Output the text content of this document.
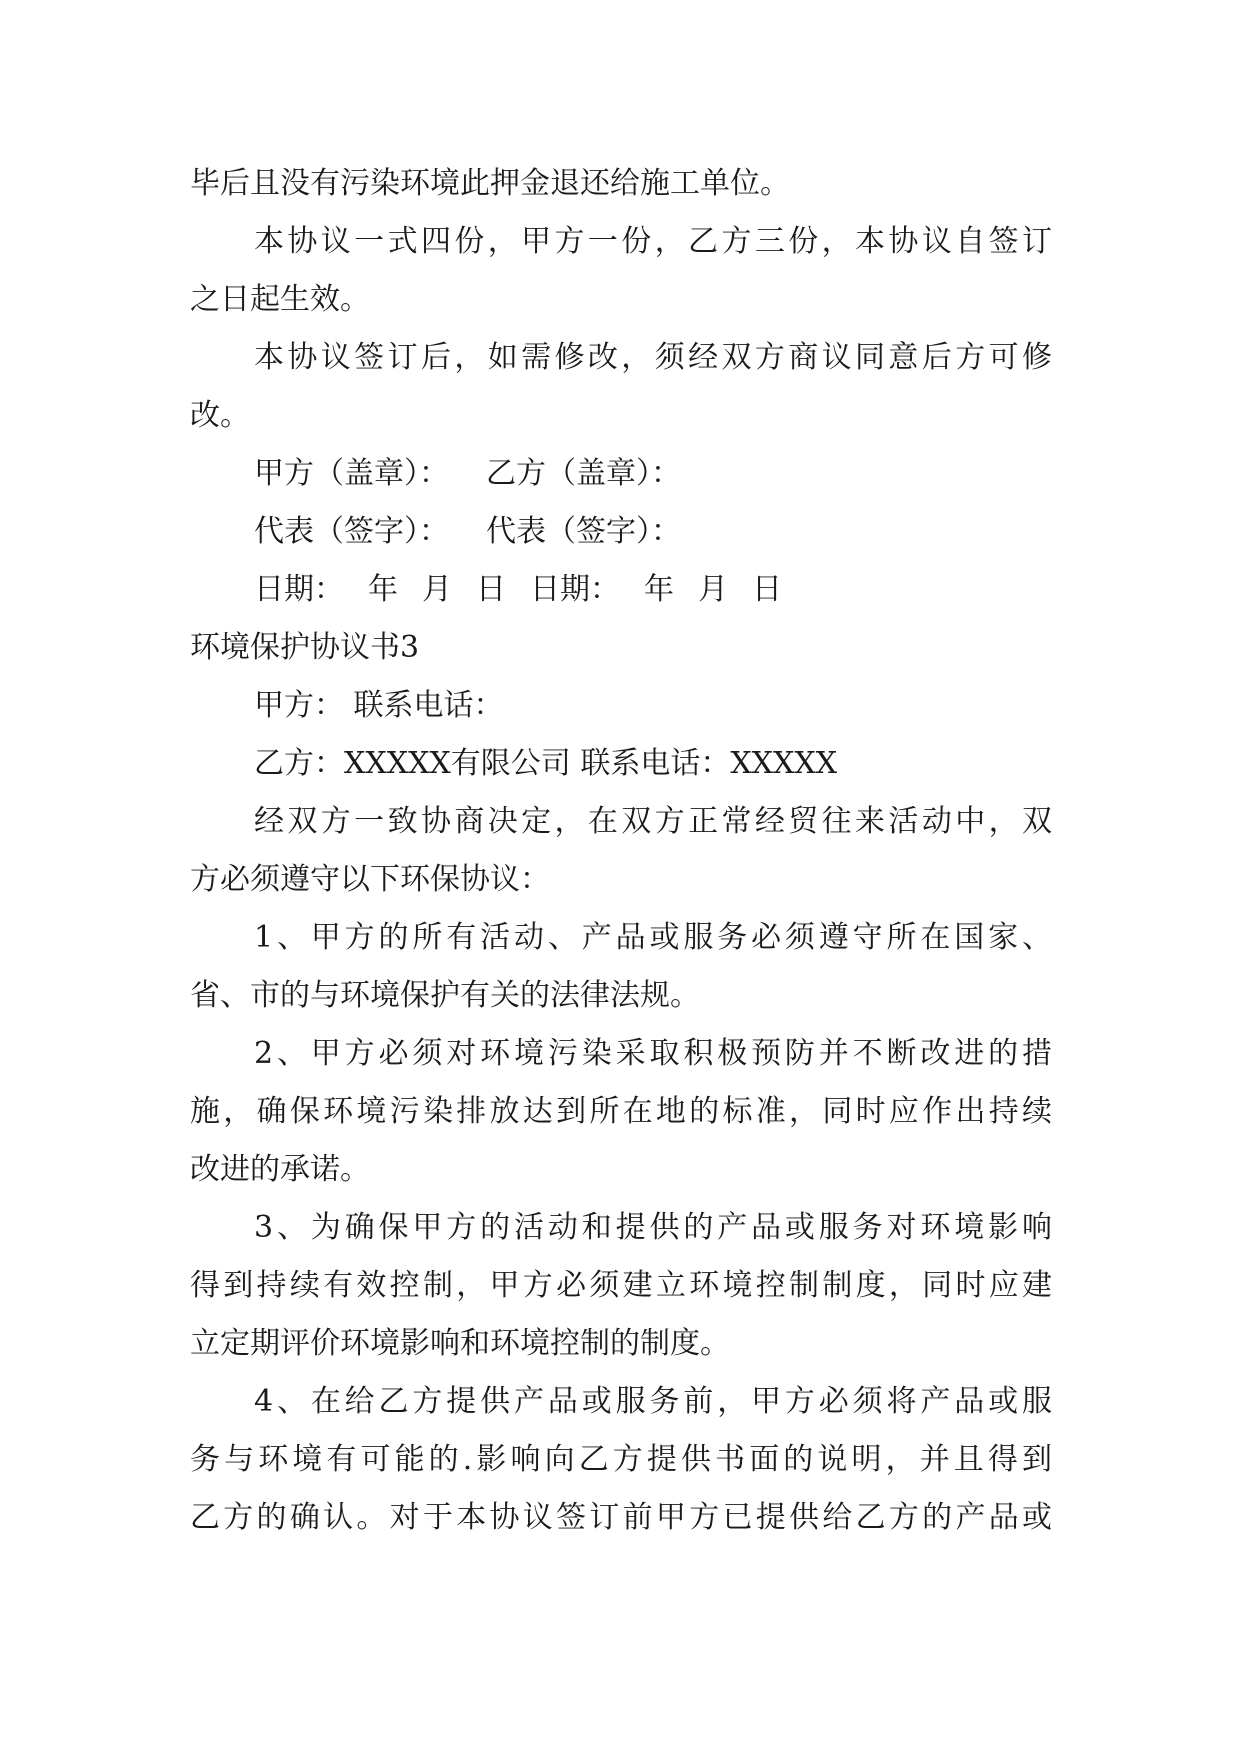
毕后且没有污染环境此押金退还给施工单位。
本协议一式四份，甲方一份，乙方三份，本协议自签订
之日起生效。
本协议签订后，如需修改，须经双方商议同意后方可修
改。
甲方（盖章）： 乙方（盖章）：
代表（签字）： 代表（签字）：
日期： 年 月 日 日期： 年 月 日
环境保护协议书3
甲方： 联系电话：
乙方：XXXXX有限公司 联系电话：XXXXX
经双方一致协商决定，在双方正常经贸往来活动中，双
方必须遵守以下环保协议：
1、甲方的所有活动、产品或服务必须遵守所在国家、
省、市的与环境保护有关的法律法规。
2、甲方必须对环境污染采取积极预防并不断改进的措
施，确保环境污染排放达到所在地的标准，同时应作出持续
改进的承诺。
3、为确保甲方的活动和提供的产品或服务对环境影响
得到持续有效控制，甲方必须建立环境控制制度，同时应建
立定期评价环境影响和环境控制的制度。
4、在给乙方提供产品或服务前，甲方必须将产品或服
务与环境有可能的.影响向乙方提供书面的说明，并且得到
乙方的确认。对于本协议签订前甲方已提供给乙方的产品或
